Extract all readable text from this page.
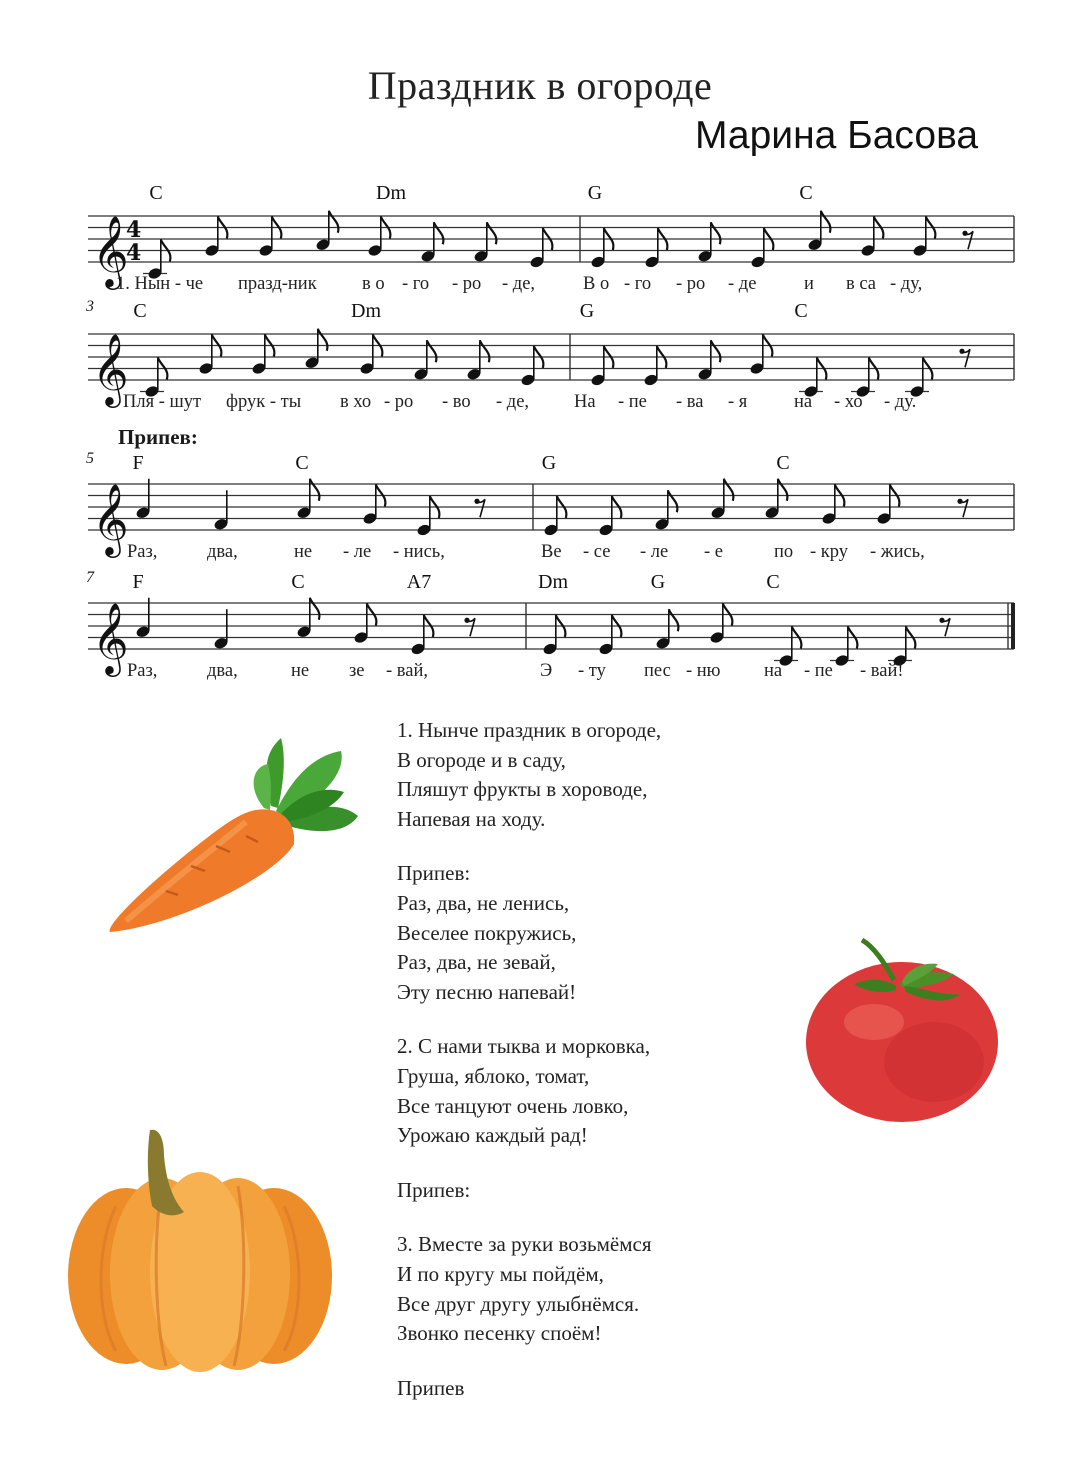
Праздник в огороде
Марина Басова
C	Dm	G	C
𝄞
4
4
1. Нын - че празд-ник в о - го - ро - де,	В о - го - ро - де	и в са - ду,
3 C	Dm	G	C
𝄞
Пля - шут фрук - ты в хо - ро - во - де, На - пе - ва - я	на - хо - ду.
Припев:
5 F	C	G	C
𝄞
Раз,	два,	не - ле - нись,	Ве - се - ле - е	по - кру - жись,
7 F	C	A7	Dm	G	C
𝄞
Раз,	два,	не зе - вай,	Э - ту пес - ню на - пе - вай!
1. Нынче праздник в огороде,
В огороде и в саду,
Пляшут фрукты в хороводе,
Напевая на ходу.
Припев:
Раз, два, не ленись,
Веселее покружись,
Раз, два, не зевай,
Эту песню напевай!
2. С нами тыква и морковка,
Груша, яблоко, томат,
Все танцуют очень ловко,
Урожаю каждый рад!
Припев:
3. Вместе за руки возьмёмся
И по кругу мы пойдём,
Все друг другу улыбнёмся.
Звонко песенку споём!
Припев
